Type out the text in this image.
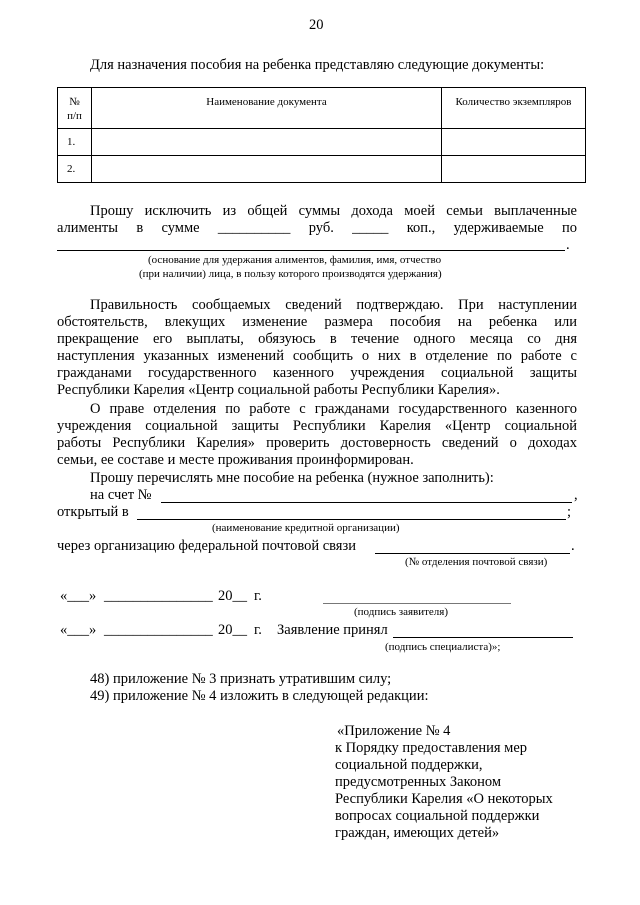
20
Для назначения пособия на ребенка представляю следующие документы:
№ п/п	Наименование документа	Количество экземпляров

1.		
2.		
Прошу исключить из общей суммы дохода моей семьи выплаченные
алименты в сумме __________ руб. _____ коп., удерживаемые по
.
(основание для удержания алиментов, фамилия, имя, отчество
(при наличии) лица, в пользу которого производятся удержания)
Правильность сообщаемых сведений подтверждаю. При наступлении
обстоятельств, влекущих изменение размера пособия на ребенка или
прекращение его выплаты, обязуюсь в течение одного месяца со дня
наступления указанных изменений сообщить о них в отделение по работе с
гражданами государственного казенного учреждения социальной защиты
Республики Карелия «Центр социальной работы Республики Карелия».
О праве отделения по работе с гражданами государственного казенного
учреждения социальной защиты Республики Карелия «Центр социальной
работы Республики Карелия» проверить достоверность сведений о доходах
семьи, ее составе и месте проживания проинформирован.
Прошу перечислять мне пособие на ребенка (нужное заполнить):
на счет №	,
открытый в	;
(наименование кредитной организации)
через организацию федеральной почтовой связи	.
(№ отделения почтовой связи)
«___» _______________ 20__ г.
(подпись заявителя)
«___» _______________ 20__ г. Заявление принял
(подпись специалиста)»;
48) приложение № 3 признать утратившим силу;
49) приложение № 4 изложить в следующей редакции:
«Приложение № 4
к Порядку предоставления мер
социальной поддержки,
предусмотренных Законом
Республики Карелия «О некоторых
вопросах социальной поддержки
граждан, имеющих детей»
